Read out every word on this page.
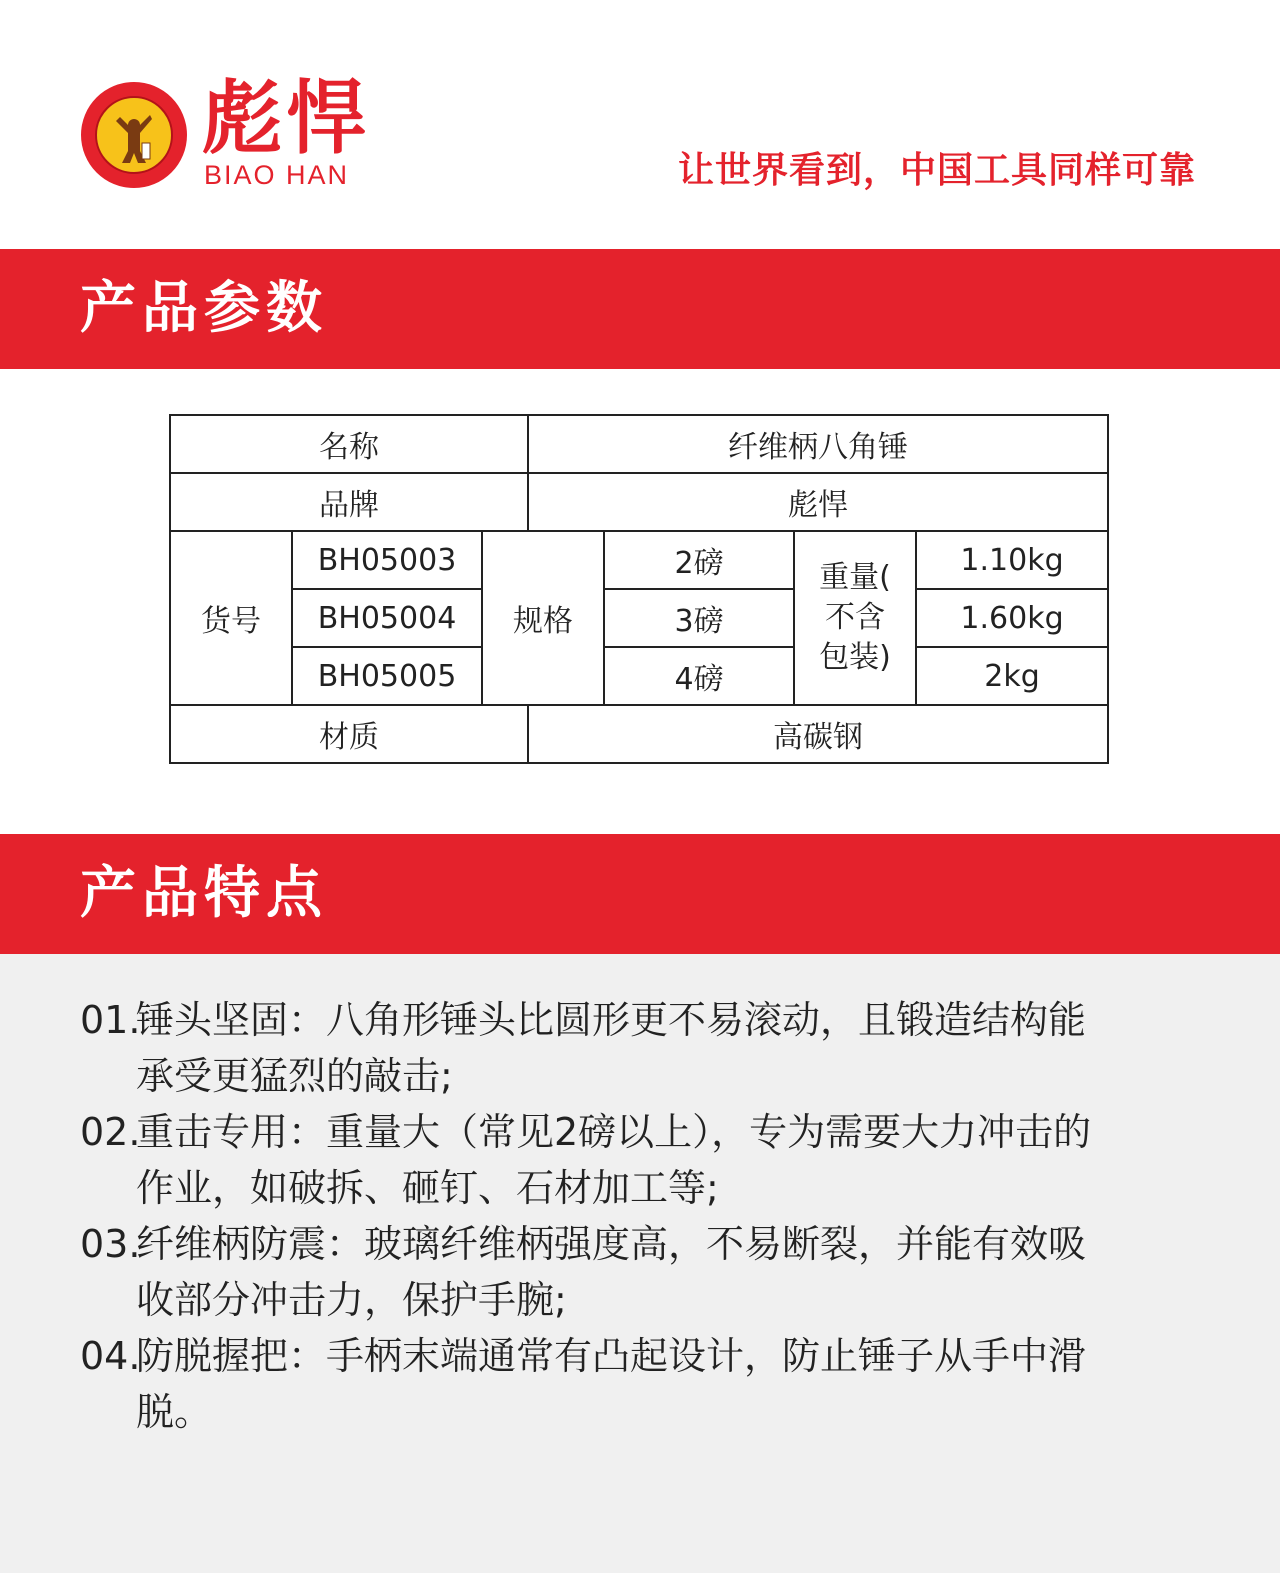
彪悍
BIAO HAN	让世界看到，中国工具同样可靠
产品参数
名称			纤维柄八角锤			
品牌			彪悍			
货号	BH05003	规格		2磅	重量(
不含
包装)	1.10kg
	BH05004			3磅		1.60kg
	BH05005			4磅		2kg
材质			高碳钢			
产品特点
01.
锤头坚固：八角形锤头比圆形更不易滚动，且锻造结构能
承受更猛烈的敲击;
02.
重击专用：重量大（常见2磅以上），专为需要大力冲击的
作业，如破拆、砸钉、石材加工等;
03.
纤维柄防震：玻璃纤维柄强度高，不易断裂，并能有效吸
收部分冲击力，保护手腕;
04.
防脱握把：手柄末端通常有凸起设计，防止锤子从手中滑
脱。
